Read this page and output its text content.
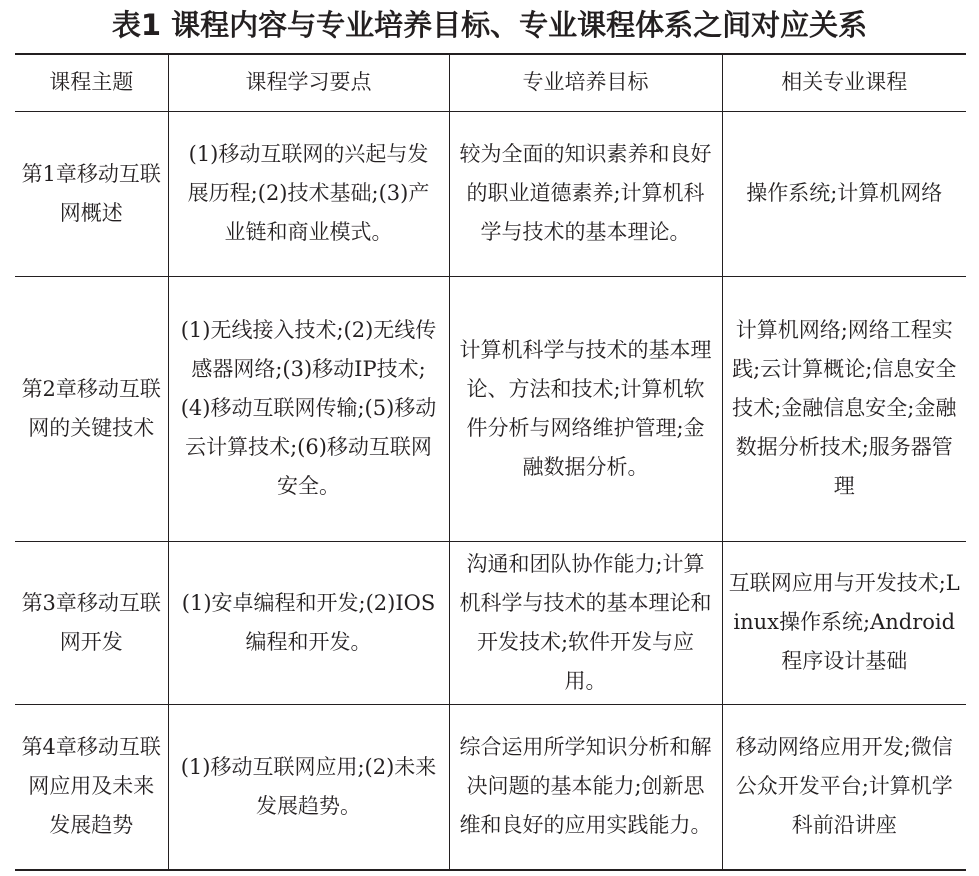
表1 课程内容与专业培养目标、专业课程体系之间对应关系
课程主题	课程学习要点	专业培养目标	相关专业课程
第1章移动互联网概述	(1)移动互联网的兴起与发展历程;(2)技术基础;(3)产业链和商业模式。	较为全面的知识素养和良好的职业道德素养;计算机科学与技术的基本理论。	操作系统;计算机网络
第2章移动互联网的关键技术	(1)无线接入技术;(2)无线传感器网络;(3)移动IP技术;(4)移动互联网传输;(5)移动云计算技术;(6)移动互联网安全。	计算机科学与技术的基本理论、方法和技术;计算机软件分析与网络维护管理;金融数据分析。	计算机网络;网络工程实践;云计算概论;信息安全技术;金融信息安全;金融数据分析技术;服务器管理
第3章移动互联网开发	(1)安卓编程和开发;(2)IOS编程和开发。	沟通和团队协作能力;计算机科学与技术的基本理论和开发技术;软件开发与应用。	互联网应用与开发技术;Linux操作系统;Android程序设计基础
第4章移动互联网应用及未来发展趋势	(1)移动互联网应用;(2)未来发展趋势。	综合运用所学知识分析和解决问题的基本能力;创新思维和良好的应用实践能力。	移动网络应用开发;微信公众开发平台;计算机学科前沿讲座
